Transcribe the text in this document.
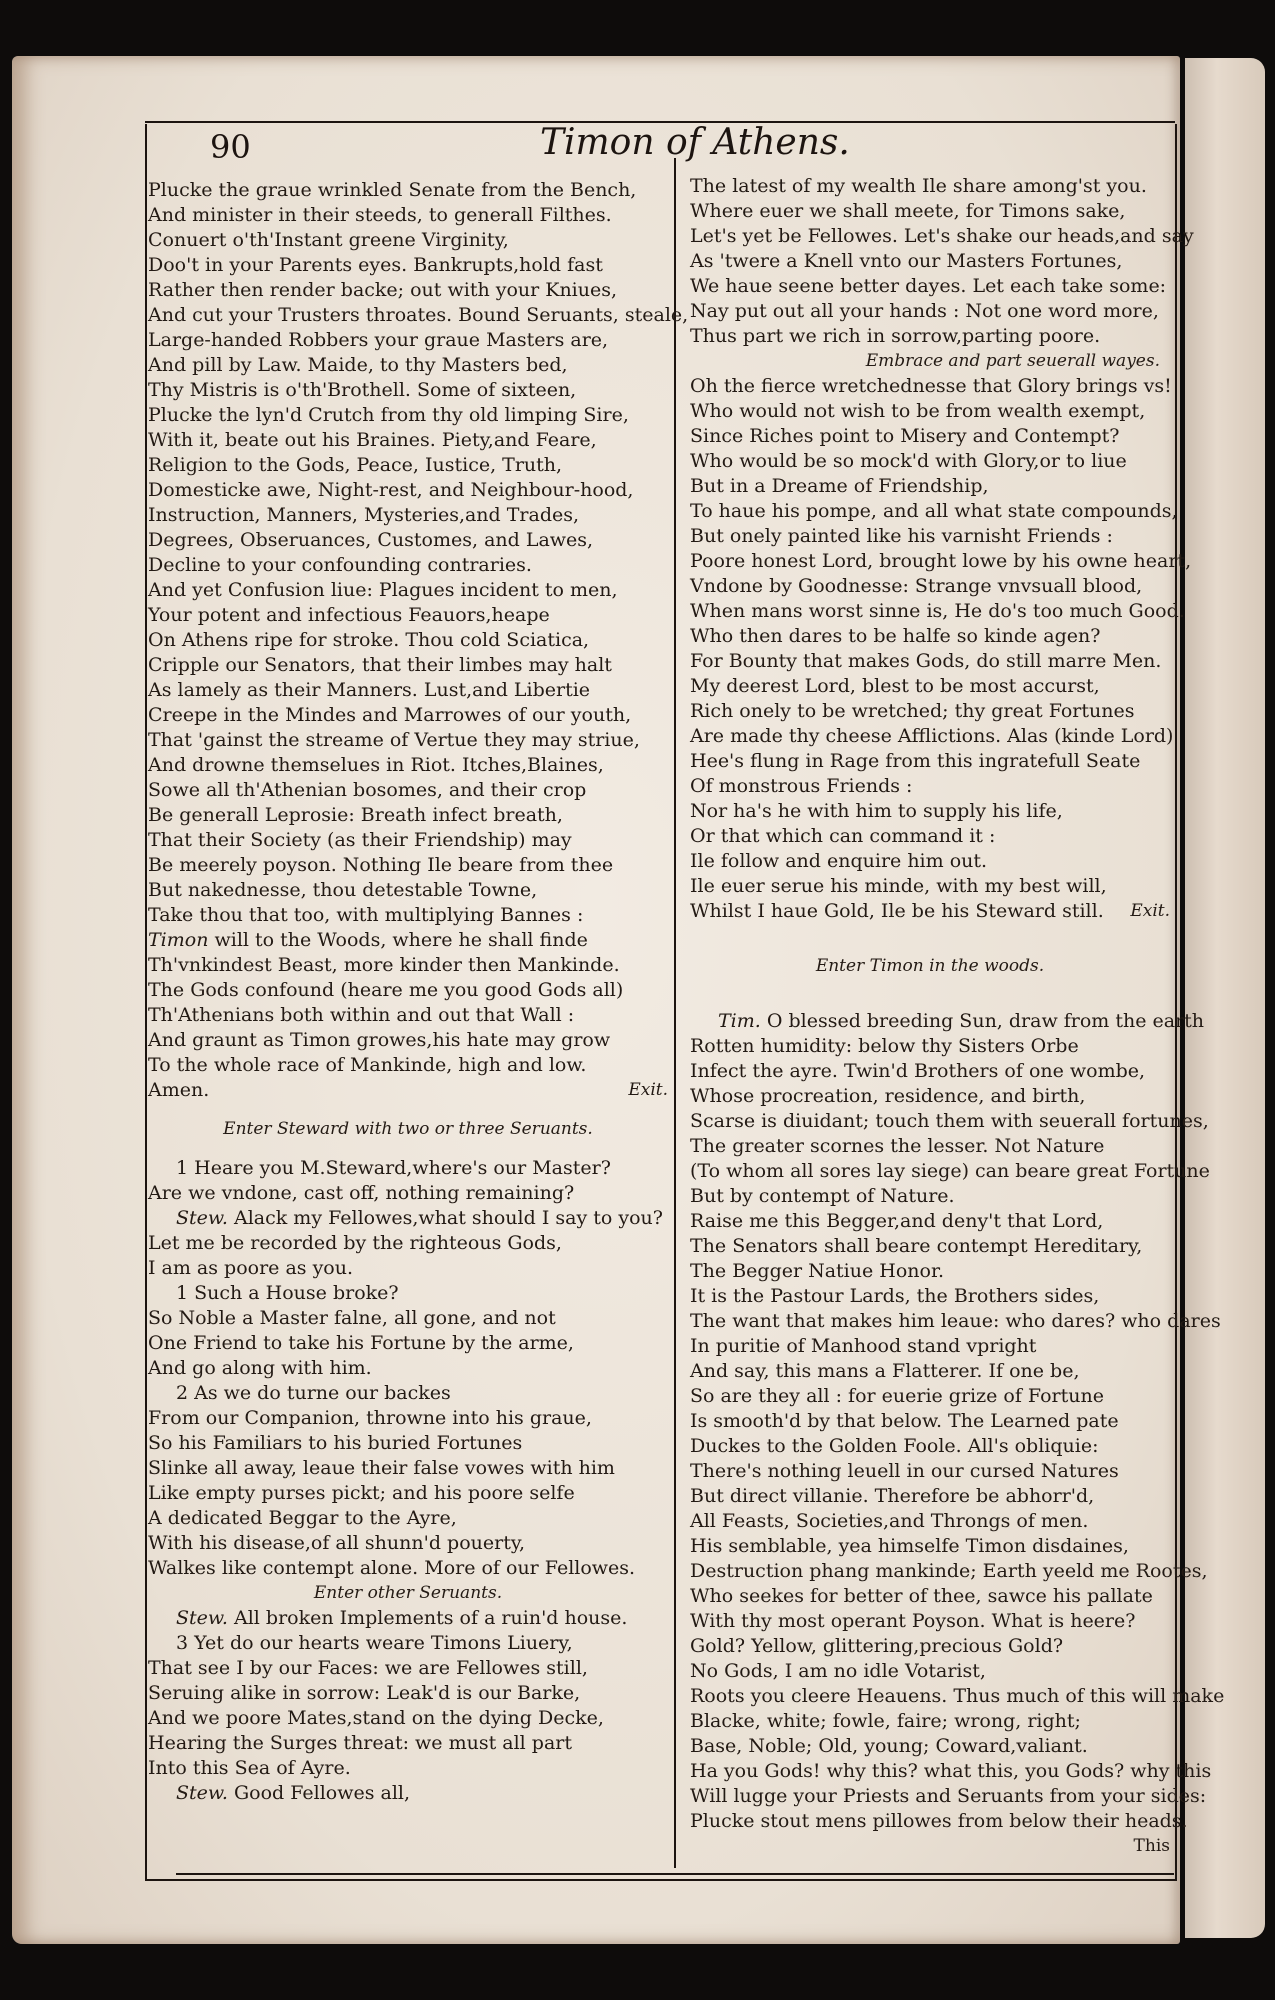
90	Timon of Athens.
Plucke the graue wrinkled Senate from the Bench,
And minister in their steeds, to generall Filthes.
Conuert o'th'Instant greene Virginity,
Doo't in your Parents eyes. Bankrupts,hold fast
Rather then render backe; out with your Kniues,
And cut your Trusters throates. Bound Seruants, steale,
Large-handed Robbers your graue Masters are,
And pill by Law. Maide, to thy Masters bed,
Thy Mistris is o'th'Brothell. Some of sixteen,
Plucke the lyn'd Crutch from thy old limping Sire,
With it, beate out his Braines. Piety,and Feare,
Religion to the Gods, Peace, Iustice, Truth,
Domesticke awe, Night-rest, and Neighbour-hood,
Instruction, Manners, Mysteries,and Trades,
Degrees, Obseruances, Customes, and Lawes,
Decline to your confounding contraries.
And yet Confusion liue: Plagues incident to men,
Your potent and infectious Feauors,heape
On Athens ripe for stroke. Thou cold Sciatica,
Cripple our Senators, that their limbes may halt
As lamely as their Manners. Lust,and Libertie
Creepe in the Mindes and Marrowes of our youth,
That 'gainst the streame of Vertue they may striue,
And drowne themselues in Riot. Itches,Blaines,
Sowe all th'Athenian bosomes, and their crop
Be generall Leprosie: Breath infect breath,
That their Society (as their Friendship) may
Be meerely poyson. Nothing Ile beare from thee
But nakednesse, thou detestable Towne,
Take thou that too, with multiplying Bannes :
Timon will to the Woods, where he shall finde
Th'vnkindest Beast, more kinder then Mankinde.
The Gods confound (heare me you good Gods all)
Th'Athenians both within and out that Wall :
And graunt as Timon growes,his hate may grow
To the whole race of Mankinde, high and low.
Amen.	Exit.
Enter Steward with two or three Seruants.
1 Heare you M.Steward,where's our Master?
Are we vndone, cast off, nothing remaining?
Stew. Alack my Fellowes,what should I say to you?
Let me be recorded by the righteous Gods,
I am as poore as you.
1 Such a House broke?
So Noble a Master falne, all gone, and not
One Friend to take his Fortune by the arme,
And go along with him.
2 As we do turne our backes
From our Companion, throwne into his graue,
So his Familiars to his buried Fortunes
Slinke all away, leaue their false vowes with him
Like empty purses pickt; and his poore selfe
A dedicated Beggar to the Ayre,
With his disease,of all shunn'd pouerty,
Walkes like contempt alone. More of our Fellowes.
Enter other Seruants.
Stew. All broken Implements of a ruin'd house.
3 Yet do our hearts weare Timons Liuery,
That see I by our Faces: we are Fellowes still,
Seruing alike in sorrow: Leak'd is our Barke,
And we poore Mates,stand on the dying Decke,
Hearing the Surges threat: we must all part
Into this Sea of Ayre.
Stew. Good Fellowes all,
The latest of my wealth Ile share among'st you.
Where euer we shall meete, for Timons sake,
Let's yet be Fellowes. Let's shake our heads,and say
As 'twere a Knell vnto our Masters Fortunes,
We haue seene better dayes. Let each take some:
Nay put out all your hands : Not one word more,
Thus part we rich in sorrow,parting poore.
Embrace and part seuerall wayes.
Oh the fierce wretchednesse that Glory brings vs!
Who would not wish to be from wealth exempt,
Since Riches point to Misery and Contempt?
Who would be so mock'd with Glory,or to liue
But in a Dreame of Friendship,
To haue his pompe, and all what state compounds,
But onely painted like his varnisht Friends :
Poore honest Lord, brought lowe by his owne heart,
Vndone by Goodnesse: Strange vnvsuall blood,
When mans worst sinne is, He do's too much Good.
Who then dares to be halfe so kinde agen?
For Bounty that makes Gods, do still marre Men.
My deerest Lord, blest to be most accurst,
Rich onely to be wretched; thy great Fortunes
Are made thy cheese Afflictions. Alas (kinde Lord)
Hee's flung in Rage from this ingratefull Seate
Of monstrous Friends :
Nor ha's he with him to supply his life,
Or that which can command it :
Ile follow and enquire him out.
Ile euer serue his minde, with my best will,
Whilst I haue Gold, Ile be his Steward still. Exit.
Enter Timon in the woods.
Tim. O blessed breeding Sun, draw from the earth
Rotten humidity: below thy Sisters Orbe
Infect the ayre. Twin'd Brothers of one wombe,
Whose procreation, residence, and birth,
Scarse is diuidant; touch them with seuerall fortunes,
The greater scornes the lesser. Not Nature
(To whom all sores lay siege) can beare great Fortune
But by contempt of Nature.
Raise me this Begger,and deny't that Lord,
The Senators shall beare contempt Hereditary,
The Begger Natiue Honor.
It is the Pastour Lards, the Brothers sides,
The want that makes him leaue: who dares? who dares
In puritie of Manhood stand vpright
And say, this mans a Flatterer. If one be,
So are they all : for euerie grize of Fortune
Is smooth'd by that below. The Learned pate
Duckes to the Golden Foole. All's obliquie:
There's nothing leuell in our cursed Natures
But direct villanie. Therefore be abhorr'd,
All Feasts, Societies,and Throngs of men.
His semblable, yea himselfe Timon disdaines,
Destruction phang mankinde; Earth yeeld me Rootes,
Who seekes for better of thee, sawce his pallate
With thy most operant Poyson. What is heere?
Gold? Yellow, glittering,precious Gold?
No Gods, I am no idle Votarist,
Roots you cleere Heauens. Thus much of this will make
Blacke, white; fowle, faire; wrong, right;
Base, Noble; Old, young; Coward,valiant.
Ha you Gods! why this? what this, you Gods? why this
Will lugge your Priests and Seruants from your sides:
Plucke stout mens pillowes from below their heads.
This
